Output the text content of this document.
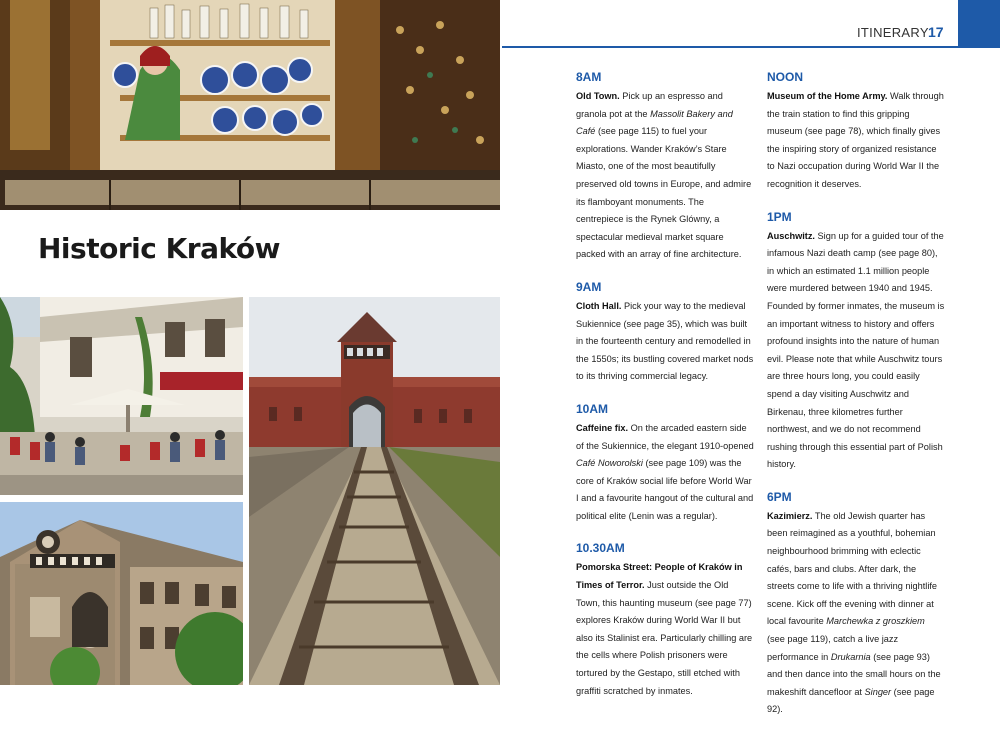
Historic Kraków
ITINERARY 17
8AM

Old Town. Pick up an espresso and granola pot at the Massolit Bakery and Café (see page 115) to fuel your explorations. Wander Kraków’s Stare Miasto, one of the most beautifully preserved old towns in Europe, and admire its flamboyant monuments. The centrepiece is the Rynek Glówny, a spectacular medieval market square packed with an array of fine architecture.

9AM

Cloth Hall. Pick your way to the medieval Sukiennice (see page 35), which was built in the fourteenth century and remodelled in the 1550s; its bustling covered market nods to its thriving commercial legacy.

10AM

Caffeine fix. On the arcaded eastern side of the Sukiennice, the elegant 1910-opened Café Noworolski (see page 109) was the core of Kraków social life before World War I and a favourite hangout of the cultural and political elite (Lenin was a regular).

10.30AM

Pomorska Street: People of Kraków in Times of Terror. Just outside the Old Town, this haunting museum (see page 77) explores Kraków during World War II but also its Stalinist era. Particularly chilling are the cells where Polish prisoners were tortured by the Gestapo, still etched with graffiti scratched by inmates.

NOON

Museum of the Home Army. Walk through the train station to find this gripping museum (see page 78), which finally gives the inspiring story of organized resistance to Nazi occupation during World War II the recognition it deserves.

1PM

Auschwitz. Sign up for a guided tour of the infamous Nazi death camp (see page 80), in which an estimated 1.1 million people were murdered between 1940 and 1945. Founded by former inmates, the museum is an important witness to history and offers profound insights into the nature of human evil. Please note that while Auschwitz tours are three hours long, you could easily spend a day visiting Auschwitz and Birkenau, three kilometres further northwest, and we do not recommend rushing through this essential part of Polish history.

6PM

Kazimierz. The old Jewish quarter has been reimagined as a youthful, bohemian neighbourhood brimming with eclectic cafés, bars and clubs. After dark, the streets come to life with a thriving nightlife scene. Kick off the evening with dinner at local favourite Marchewka z groszkiem (see page 119), catch a live jazz performance in Drukarnia (see page 93) and then dance into the small hours on the makeshift dancefloor at Singer (see page 92).
